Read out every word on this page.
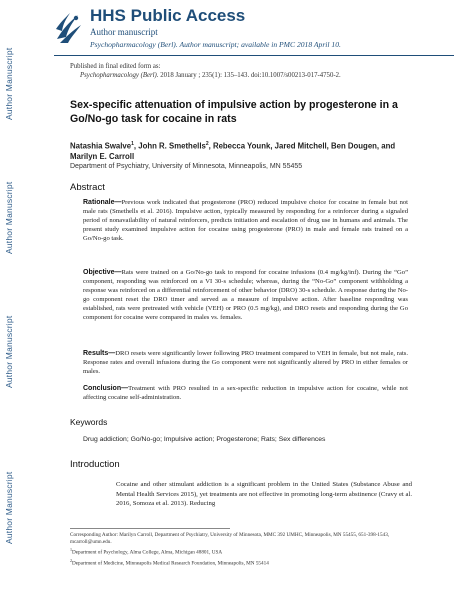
Author Manuscript
Author Manuscript
Author Manuscript
Author Manuscript
HHS Public Access
Author manuscript
Psychopharmacology (Berl). Author manuscript; available in PMC 2018 April 10.
Published in final edited form as:
Psychopharmacology (Berl). 2018 January ; 235(1): 135–143. doi:10.1007/s00213-017-4750-2.
Sex-specific attenuation of impulsive action by progesterone in a Go/No-go task for cocaine in rats
Natashia Swalve$^1$, John R. Smethells$^2$, Rebecca Younk, Jared Mitchell, Ben Dougen, and
Marilyn E. Carroll
Department of Psychiatry, University of Minnesota, Minneapolis, MN 55455
Abstract
Rationale—Previous work indicated that progesterone (PRO) reduced impulsive choice for cocaine in female but not male rats (Smethells et al. 2016). Impulsive action, typically measured by responding for a reinforcer during a signaled period of nonavailability of natural reinforcers, predicts initiation and escalation of drug use in humans and animals. The present study examined impulsive action for cocaine using progesterone (PRO) in male and female rats trained on a Go/No-go task.
Objective—Rats were trained on a Go/No-go task to respond for cocaine infusions (0.4 mg/kg/inf). During the “Go” component, responding was reinforced on a VI 30-s schedule; whereas, during the “No-Go” component withholding a response was reinforced on a differential reinforcement of other behavior (DRO) 30-s schedule. A response during the No-go component reset the DRO timer and served as a measure of impulsive action. After baseline responding was established, rats were pretreated with vehicle (VEH) or PRO (0.5 mg/kg), and DRO resets and responding during the Go component for cocaine were compared in males vs. females.
Results—DRO resets were significantly lower following PRO treatment compared to VEH in female, but not male, rats. Response rates and overall infusions during the Go component were not significantly altered by PRO in either females or males.
Conclusion—Treatment with PRO resulted in a sex-specific reduction in impulsive action for cocaine, while not affecting cocaine self-administration.
Keywords
Drug addiction; Go/No-go; Impulsive action; Progesterone; Rats; Sex differences
Introduction
Cocaine and other stimulant addiction is a significant problem in the United States (Substance Abuse and Mental Health Services 2015), yet treatments are not effective in promoting long-term abstinence (Cravy et al. 2016, Somoza et al. 2013). Reducing
Corresponding Author: Marilyn Carroll, Department of Psychiatry, University of Minnesota, MMC 392 UMHC, Minneapolis, MN 55455, 651-398-1543, mcarroll@umn.edu.
$^1$Department of Psychology, Alma College, Alma, Michigan 48801, USA
$^2$Department of Medicine, Minneapolis Medical Research Foundation, Minneapolis, MN 55414
